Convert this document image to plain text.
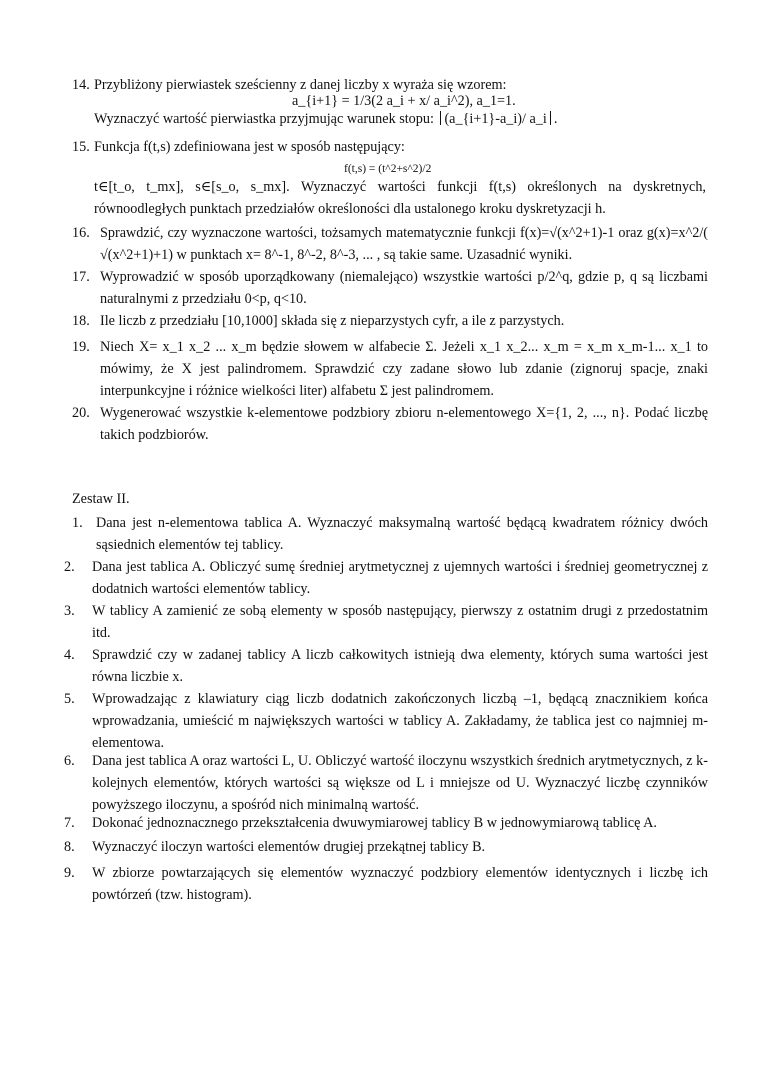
14. Przybliżony pierwiastek sześcienny z danej liczby x wyraża się wzorem:
a_{i+1} = 1/3(2 a_i + x/ a_i^2), a_1=1.
Wyznaczyć wartość pierwiastka przyjmując warunek stopu: (a_{i+1}-a_i)/ a_i .
15. Funkcja f(t,s) zdefiniowana jest w sposób następujący:
f(t,s) = (t^2+s^2)/2
t∈[t_o, t_mx], s∈[s_o, s_mx]. Wyznaczyć wartości funkcji f(t,s) określonych na dyskretnych, równoodległych punktach przedziałów określoności dla ustalonego kroku dyskretyzacji h.
16. Sprawdzić, czy wyznaczone wartości, tożsamych matematycznie funkcji f(x)=√(x^2+1)-1 oraz g(x)=x^2/( √(x^2+1)+1) w punktach x= 8^-1, 8^-2, 8^-3, ... , są takie same. Uzasadnić wyniki.
17. Wyprowadzić w sposób uporządkowany (niemalejąco) wszystkie wartości p/2^q, gdzie p, q są liczbami naturalnymi z przedziału 0<p, q<10.
18. Ile liczb z przedziału [10,1000] składa się z nieparzystych cyfr, a ile z parzystych.
19. Niech X= x_1 x_2 ... x_m będzie słowem w alfabecie Σ. Jeżeli x_1 x_2... x_m = x_m x_m-1... x_1 to mówimy, że X jest palindromem. Sprawdzić czy zadane słowo lub zdanie (zignoruj spacje, znaki interpunkcyjne i różnice wielkości liter) alfabetu Σ jest palindromem.
20. Wygenerować wszystkie k-elementowe podzbiory zbioru n-elementowego X={1, 2, ..., n}. Podać liczbę takich podzbiorów.
Zestaw II.
1. Dana jest n-elementowa tablica A. Wyznaczyć maksymalną wartość będącą kwadratem różnicy dwóch sąsiednich elementów tej tablicy.
2. Dana jest tablica A. Obliczyć sumę średniej arytmetycznej z ujemnych wartości i średniej geometrycznej z dodatnich wartości elementów tablicy.
3. W tablicy A zamienić ze sobą elementy w sposób następujący, pierwszy z ostatnim drugi z przedostatnim itd.
4. Sprawdzić czy w zadanej tablicy A liczb całkowitych istnieją dwa elementy, których suma wartości jest równa liczbie x.
5. Wprowadzając z klawiatury ciąg liczb dodatnich zakończonych liczbą –1, będącą znacznikiem końca wprowadzania, umieścić m największych wartości w tablicy A. Zakładamy, że tablica jest co najmniej m-elementowa.
6. Dana jest tablica A oraz wartości L, U. Obliczyć wartość iloczynu wszystkich średnich arytmetycznych, z k-kolejnych elementów, których wartości są większe od L i mniejsze od U. Wyznaczyć liczbę czynników powyższego iloczynu, a spośród nich minimalną wartość.
7. Dokonać jednoznacznego przekształcenia dwuwymiarowej tablicy B w jednowymiarową tablicę A.
8. Wyznaczyć iloczyn wartości elementów drugiej przekątnej tablicy B.
9. W zbiorze powtarzających się elementów wyznaczyć podzbiory elementów identycznych i liczbę ich powtórzeń (tzw. histogram).
